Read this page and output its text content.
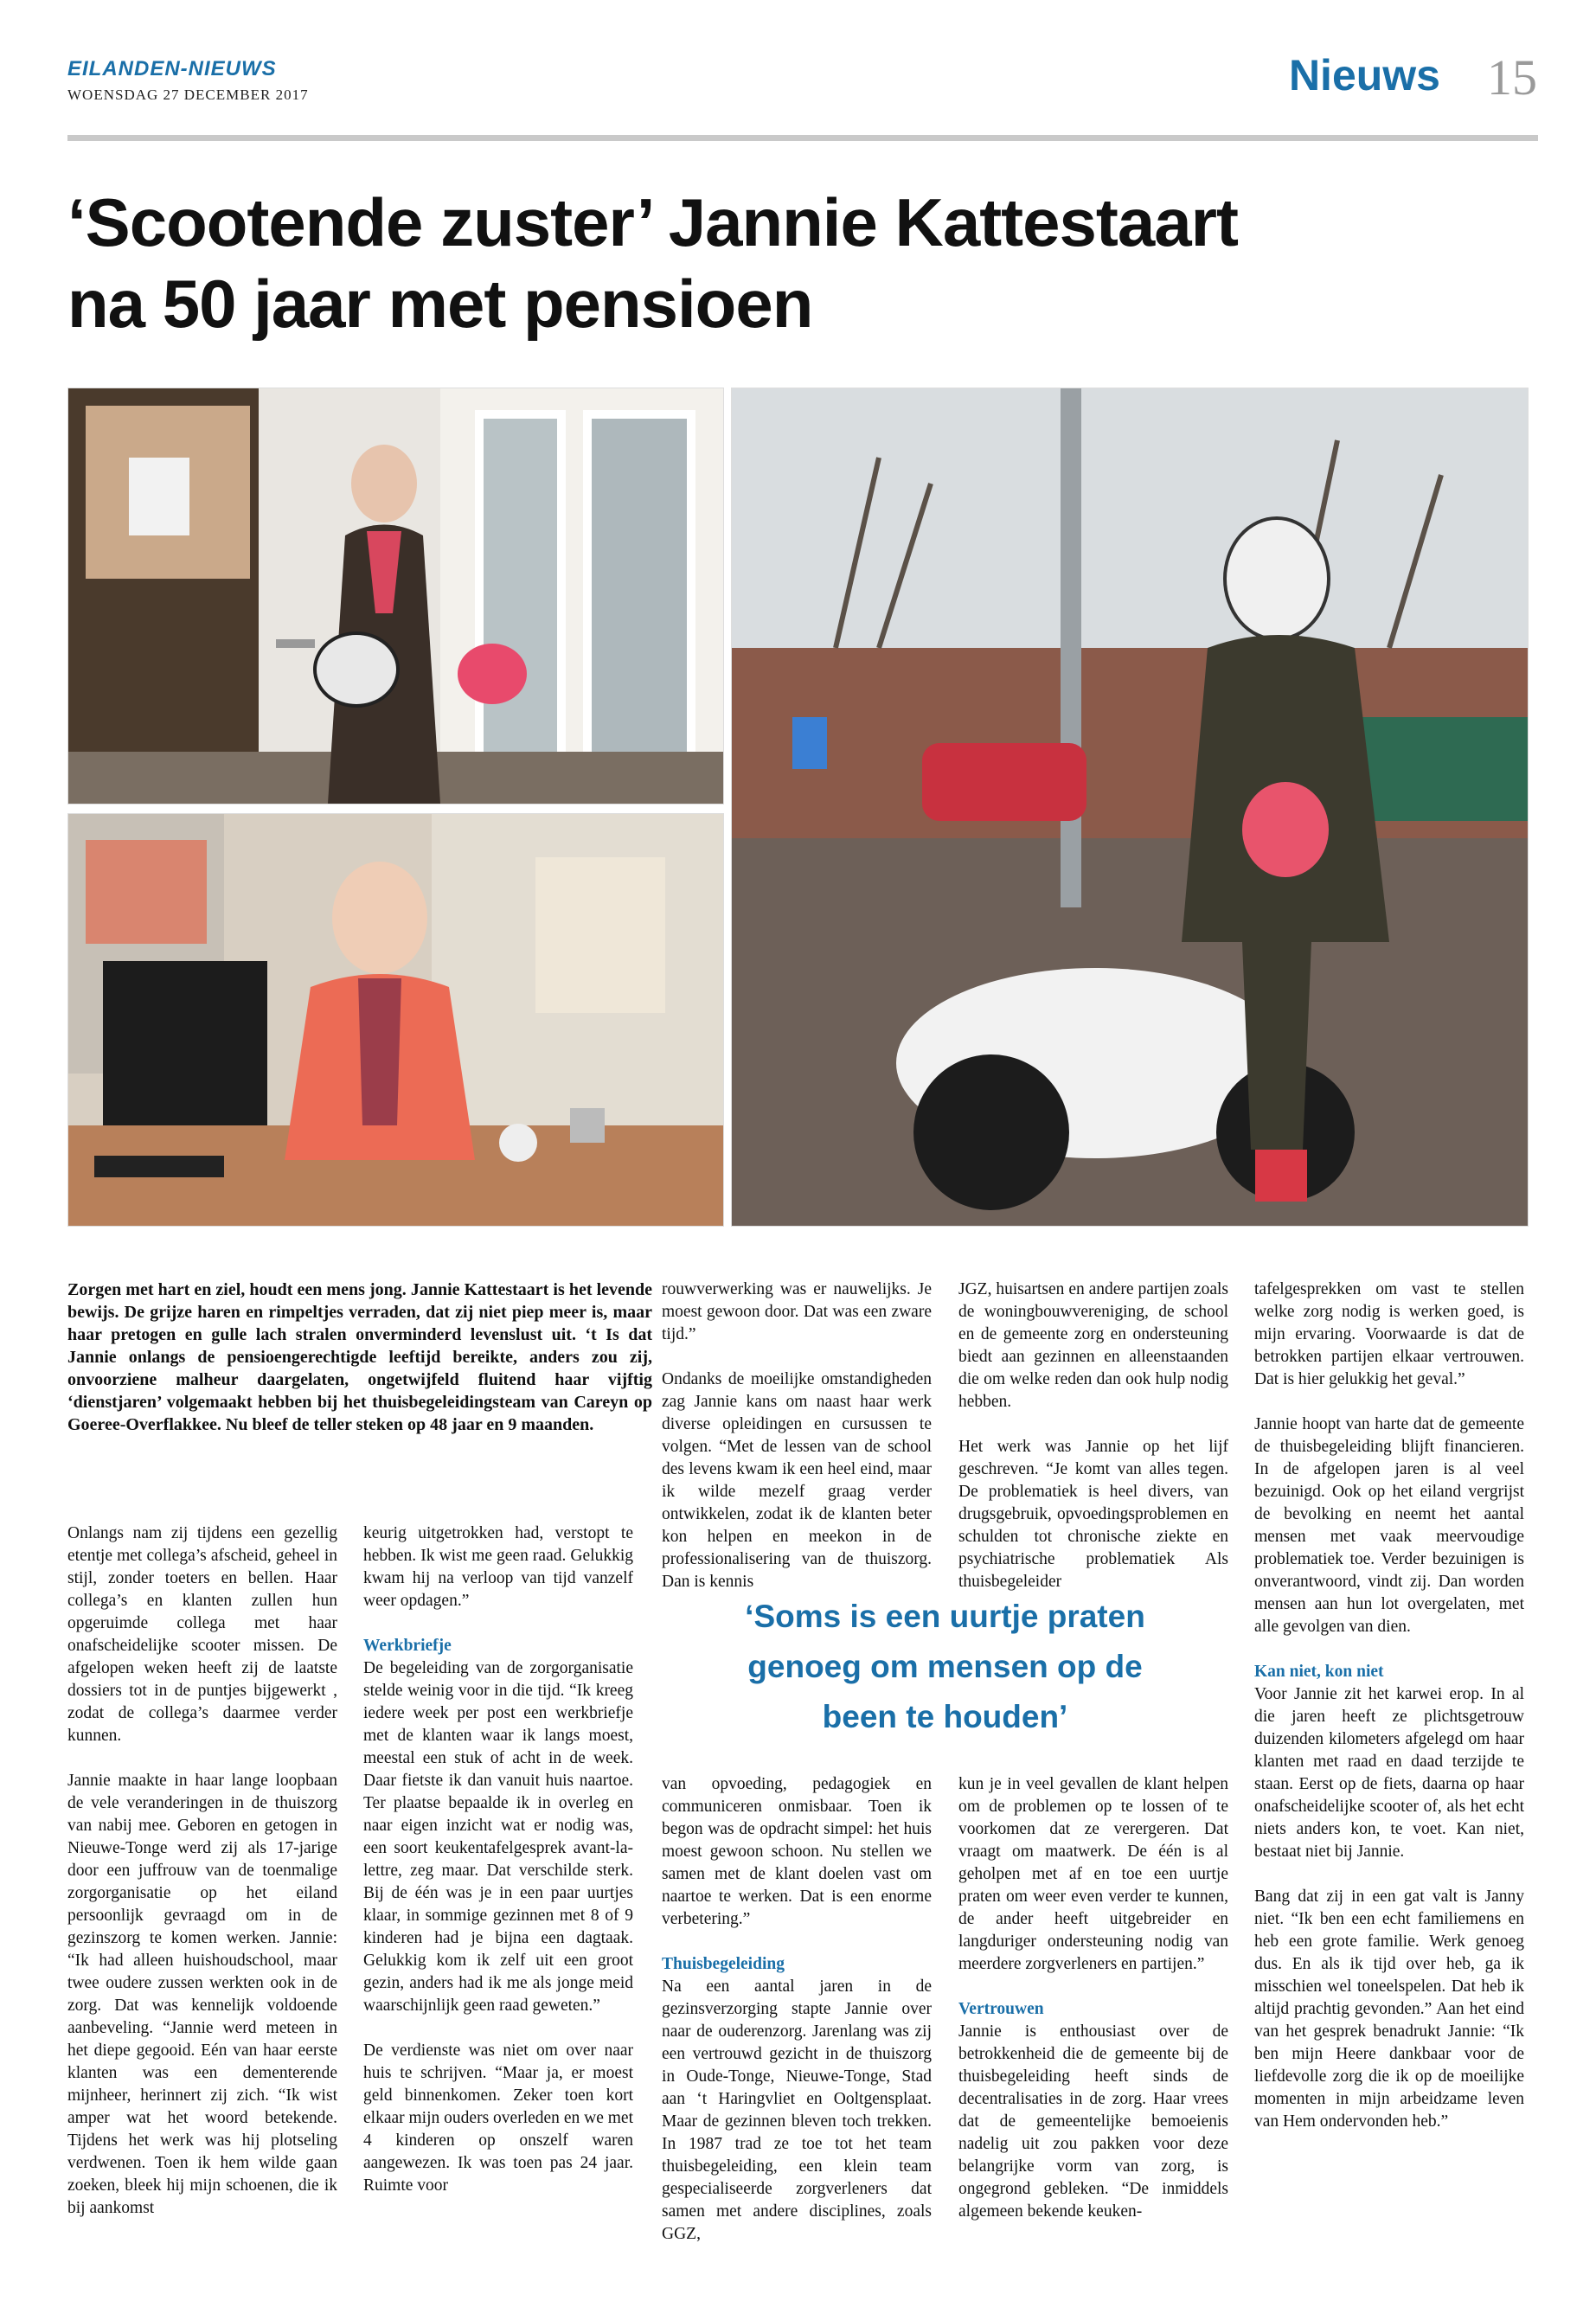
EILANDEN-NIEUWS
WOENSDAG 27 DECEMBER 2017	Nieuws 15
‘Scootende zuster’ Jannie Kattestaart
na 50 jaar met pensioen
Zorgen met hart en ziel, houdt een mens jong. Jannie Kattestaart is het levende bewijs. De grijze haren en rimpeltjes verraden, dat zij niet piep meer is, maar haar pretogen en gulle lach stralen onverminderd levenslust uit. ‘t Is dat Jannie onlangs de pensioengerechtigde leeftijd bereikte, anders zou zij, onvoorziene malheur daargelaten, ongetwijfeld fluitend haar vijftig ‘dienstjaren’ volgemaakt hebben bij het thuisbegeleidingsteam van Careyn op Goeree-Overflakkee. Nu bleef de teller steken op 48 jaar en 9 maanden.

Onlangs nam zij tijdens een gezellig etentje met collega’s afscheid, geheel in stijl, zonder toeters en bellen. Haar collega’s en klanten zullen hun opgeruimde collega met haar onafscheidelijke scooter missen. De afgelopen weken heeft zij de laatste dossiers tot in de puntjes bijgewerkt , zodat de collega’s daarmee verder kunnen.

Jannie maakte in haar lange loopbaan de vele veranderingen in de thuiszorg van nabij mee. Geboren en getogen in Nieuwe-Tonge werd zij als 17-jarige door een juffrouw van de toenmalige zorgorganisatie op het eiland persoonlijk gevraagd om in de gezinszorg te komen werken. Jannie: “Ik had alleen huishoudschool, maar twee oudere zussen werkten ook in de zorg. Dat was kennelijk voldoende aanbeveling. “Jannie werd meteen in het diepe gegooid. Eén van haar eerste klanten was een dementerende mijnheer, herinnert zij zich. “Ik wist amper wat het woord betekende. Tijdens het werk was hij plotseling verdwenen. Toen ik hem wilde gaan zoeken, bleek hij mijn schoenen, die ik bij aankomst

keurig uitgetrokken had, verstopt te hebben. Ik wist me geen raad. Gelukkig kwam hij na verloop van tijd vanzelf weer opdagen.”

Werkbriefje

De begeleiding van de zorgorganisatie stelde weinig voor in die tijd. “Ik kreeg iedere week per post een werkbriefje met de klanten waar ik langs moest, meestal een stuk of acht in de week. Daar fietste ik dan vanuit huis naartoe. Ter plaatse bepaalde ik in overleg en naar eigen inzicht wat er nodig was, een soort keukentafelgesprek avant-la-lettre, zeg maar. Dat verschilde sterk. Bij de één was je in een paar uurtjes klaar, in sommige gezinnen met 8 of 9 kinderen had je bijna een dagtaak. Gelukkig kom ik zelf uit een groot gezin, anders had ik me als jonge meid waarschijnlijk geen raad geweten.”

De verdienste was niet om over naar huis te schrijven. “Maar ja, er moest geld binnenkomen. Zeker toen kort elkaar mijn ouders overleden en we met 4 kinderen op onszelf waren aangewezen. Ik was toen pas 24 jaar. Ruimte voor

rouwverwerking was er nauwelijks. Je moest gewoon door. Dat was een zware tijd.”

Ondanks de moeilijke omstandigheden zag Jannie kans om naast haar werk diverse opleidingen en cursussen te volgen. “Met de lessen van de school des levens kwam ik een heel eind, maar ik wilde mezelf graag verder ontwikkelen, zodat ik de klanten beter kon helpen en meekon in de professionalisering van de thuiszorg. Dan is kennis

JGZ, huisartsen en andere partijen zoals de woningbouwvereniging, de school en de gemeente zorg en ondersteuning biedt aan gezinnen en alleenstaanden die om welke reden dan ook hulp nodig hebben.

Het werk was Jannie op het lijf geschreven. “Je komt van alles tegen. De problematiek is heel divers, van drugsgebruik, opvoedingsproblemen en schulden tot chronische ziekte en psychiatrische problematiek Als thuisbegeleider

‘Soms is een uurtje praten
genoeg om mensen op de
been te houden’

van opvoeding, pedagogiek en communiceren onmisbaar. Toen ik begon was de opdracht simpel: het huis moest gewoon schoon. Nu stellen we samen met de klant doelen vast om naartoe te werken. Dat is een enorme verbetering.”

Thuisbegeleiding

Na een aantal jaren in de gezinsverzorging stapte Jannie over naar de ouderenzorg. Jarenlang was zij een vertrouwd gezicht in de thuiszorg in Oude-Tonge, Nieuwe-Tonge, Stad aan ‘t Haringvliet en Ooltgensplaat. Maar de gezinnen bleven toch trekken. In 1987 trad ze toe tot het team thuisbegeleiding, een klein team gespecialiseerde zorgverleners dat samen met andere disciplines, zoals GGZ,

kun je in veel gevallen de klant helpen om de problemen op te lossen of te voorkomen dat ze verergeren. Dat vraagt om maatwerk. De één is al geholpen met af en toe een uurtje praten om weer even verder te kunnen, de ander heeft uitgebreider en langduriger ondersteuning nodig van meerdere zorgverleners en partijen.”

Vertrouwen

Jannie is enthousiast over de betrokkenheid die de gemeente bij de thuisbegeleiding heeft sinds de decentralisaties in de zorg. Haar vrees dat de gemeentelijke bemoeienis nadelig uit zou pakken voor deze belangrijke vorm van zorg, is ongegrond gebleken. “De inmiddels algemeen bekende keuken-

tafelgesprekken om vast te stellen welke zorg nodig is werken goed, is mijn ervaring. Voorwaarde is dat de betrokken partijen elkaar vertrouwen. Dat is hier gelukkig het geval.”

Jannie hoopt van harte dat de gemeente de thuisbegeleiding blijft financieren. In de afgelopen jaren is al veel bezuinigd. Ook op het eiland vergrijst de bevolking en neemt het aantal mensen met vaak meervoudige problematiek toe. Verder bezuinigen is onverantwoord, vindt zij. Dan worden mensen aan hun lot overgelaten, met alle gevolgen van dien.

Kan niet, kon niet

Voor Jannie zit het karwei erop. In al die jaren heeft ze plichtsgetrouw duizenden kilometers afgelegd om haar klanten met raad en daad terzijde te staan. Eerst op de fiets, daarna op haar onafscheidelijke scooter of, als het echt niets anders kon, te voet. Kan niet, bestaat niet bij Jannie.

Bang dat zij in een gat valt is Janny niet. “Ik ben een echt familiemens en heb een grote familie. Werk genoeg dus. En als ik tijd over heb, ga ik misschien wel toneelspelen. Dat heb ik altijd prachtig gevonden.” Aan het eind van het gesprek benadrukt Jannie: “Ik ben mijn Heere dankbaar voor de liefdevolle zorg die ik op de moeilijke momenten in mijn arbeidzame leven van Hem ondervonden heb.”
